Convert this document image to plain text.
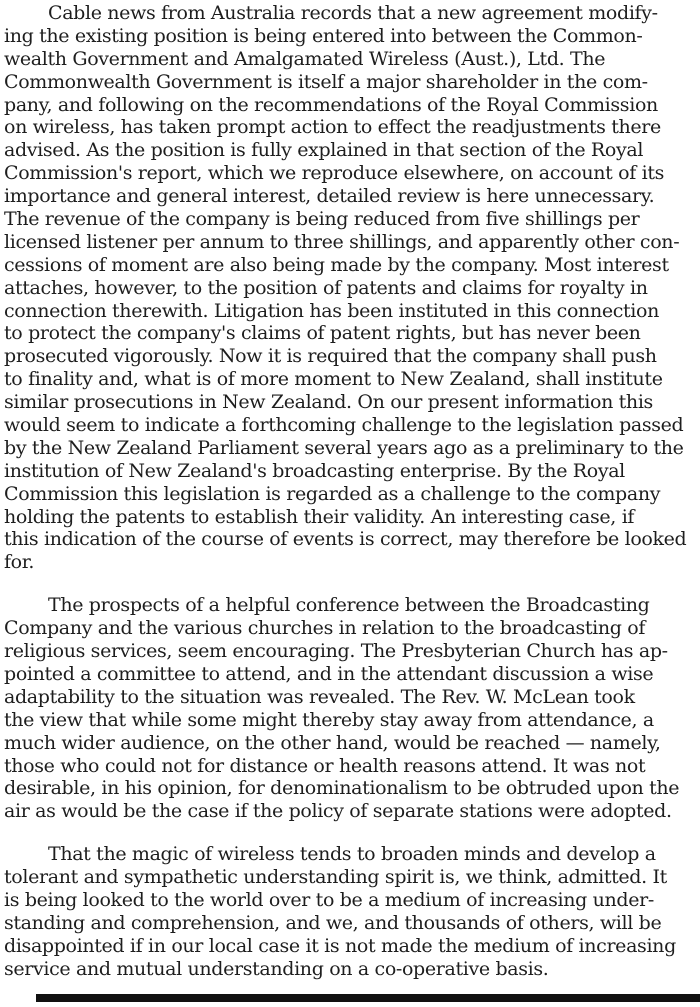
Cable news from Australia records that a new agreement modify-
ing the existing position is being entered into between the Common-
wealth Government and Amalgamated Wireless (Aust.), Ltd. The
Commonwealth Government is itself a major shareholder in the com-
pany, and following on the recommendations of the Royal Commission
on wireless, has taken prompt action to effect the readjustments there
advised. As the position is fully explained in that section of the Royal
Commission's report, which we reproduce elsewhere, on account of its
importance and general interest, detailed review is here unnecessary.
The revenue of the company is being reduced from five shillings per
licensed listener per annum to three shillings, and apparently other con-
cessions of moment are also being made by the company. Most interest
attaches, however, to the position of patents and claims for royalty in
connection therewith. Litigation has been instituted in this connection
to protect the company's claims of patent rights, but has never been
prosecuted vigorously. Now it is required that the company shall push
to finality and, what is of more moment to New Zealand, shall institute
similar prosecutions in New Zealand. On our present information this
would seem to indicate a forthcoming challenge to the legislation passed
by the New Zealand Parliament several years ago as a preliminary to the
institution of New Zealand's broadcasting enterprise. By the Royal
Commission this legislation is regarded as a challenge to the company
holding the patents to establish their validity. An interesting case, if
this indication of the course of events is correct, may therefore be looked
for.
The prospects of a helpful conference between the Broadcasting
Company and the various churches in relation to the broadcasting of
religious services, seem encouraging. The Presbyterian Church has ap-
pointed a committee to attend, and in the attendant discussion a wise
adaptability to the situation was revealed. The Rev. W. McLean took
the view that while some might thereby stay away from attendance, a
much wider audience, on the other hand, would be reached — namely,
those who could not for distance or health reasons attend. It was not
desirable, in his opinion, for denominationalism to be obtruded upon the
air as would be the case if the policy of separate stations were adopted.
That the magic of wireless tends to broaden minds and develop a
tolerant and sympathetic understanding spirit is, we think, admitted. It
is being looked to the world over to be a medium of increasing under-
standing and comprehension, and we, and thousands of others, will be
disappointed if in our local case it is not made the medium of increasing
service and mutual understanding on a co-operative basis.
